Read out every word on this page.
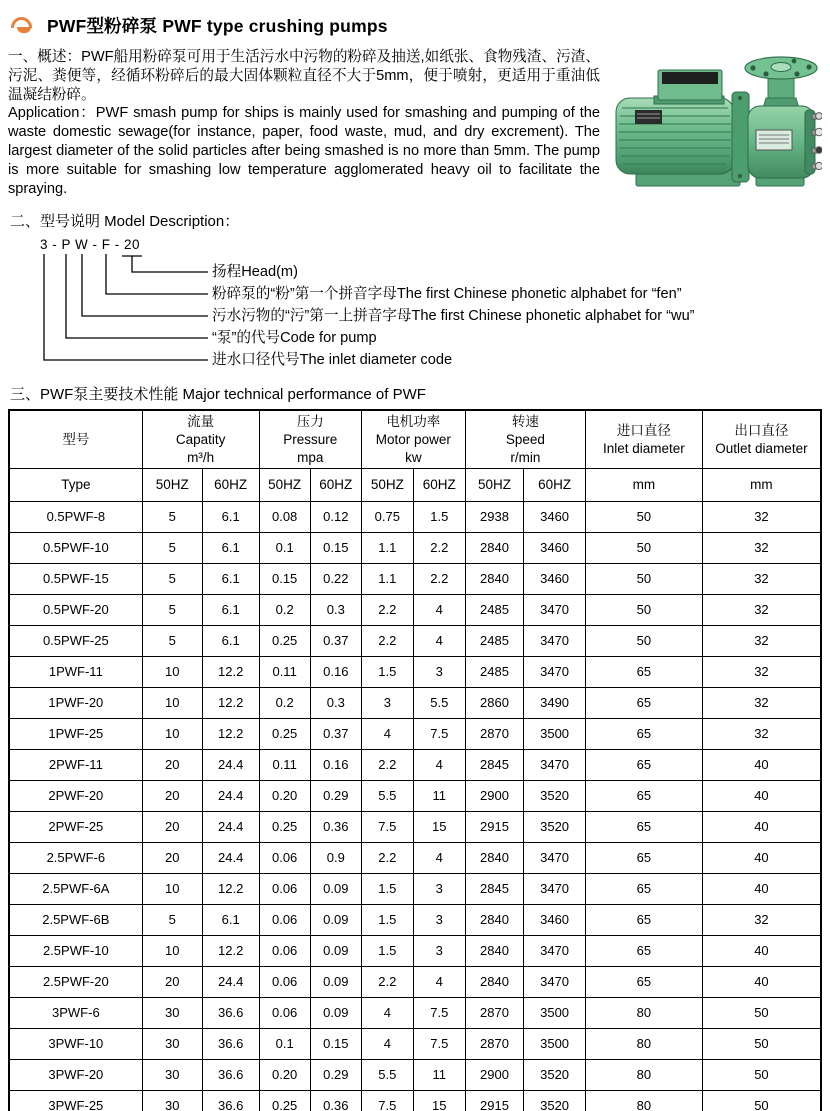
PWF型粉碎泵 PWF type crushing pumps

一、概述：PWF船用粉碎泵可用于生活污水中污物的粉碎及抽送,如纸张、食物残渣、污渣、污泥、粪便等，经循环粉碎后的最大固体颗粒直径不大于5mm，便于喷射，更适用于重油低温凝结粉碎。

Application：PWF smash pump for ships is mainly used for smashing and pumping of the waste domestic sewage(for instance, paper, food waste, mud, and dry excrement). The largest diameter of the solid particles after being smashed is no more than 5mm. The pump is more suitable for smashing low temperature agglomerated heavy oil to facilitate the spraying.

二、型号说明 Model Description：
3 - P W - F - 20
扬程Head(m)
粉碎泵的“粉”第一个拼音字母The first Chinese phonetic alphabet for “fen”
污水污物的“污”第一上拼音字母The first Chinese phonetic alphabet for “wu”
“泵”的代号Code for pump
进水口径代号The inlet diameter code
三、PWF泵主要技术性能 Major technical performance of PWF
型号	
流量
Capatity
m³/h

压力
Pressure
mpa

电机功率
Motor power
kw

转速
Speed
r/min

进口直径
Inlet diameter

出口直径
Outlet diameter

Type	50HZ	60HZ	50HZ	60HZ	50HZ	60HZ	50HZ	60HZ	mm	mm
0.5PWF-8	5	6.1	0.08	0.12	0.75	1.5	2938	3460	50	32
0.5PWF-10	5	6.1	0.1	0.15	1.1	2.2	2840	3460	50	32
0.5PWF-15	5	6.1	0.15	0.22	1.1	2.2	2840	3460	50	32
0.5PWF-20	5	6.1	0.2	0.3	2.2	4	2485	3470	50	32
0.5PWF-25	5	6.1	0.25	0.37	2.2	4	2485	3470	50	32
1PWF-11	10	12.2	0.11	0.16	1.5	3	2485	3470	65	32
1PWF-20	10	12.2	0.2	0.3	3	5.5	2860	3490	65	32
1PWF-25	10	12.2	0.25	0.37	4	7.5	2870	3500	65	32
2PWF-11	20	24.4	0.11	0.16	2.2	4	2845	3470	65	40
2PWF-20	20	24.4	0.20	0.29	5.5	11	2900	3520	65	40
2PWF-25	20	24.4	0.25	0.36	7.5	15	2915	3520	65	40
2.5PWF-6	20	24.4	0.06	0.9	2.2	4	2840	3470	65	40
2.5PWF-6A	10	12.2	0.06	0.09	1.5	3	2845	3470	65	40
2.5PWF-6B	5	6.1	0.06	0.09	1.5	3	2840	3460	65	32
2.5PWF-10	10	12.2	0.06	0.09	1.5	3	2840	3470	65	40
2.5PWF-20	20	24.4	0.06	0.09	2.2	4	2840	3470	65	40
3PWF-6	30	36.6	0.06	0.09	4	7.5	2870	3500	80	50
3PWF-10	30	36.6	0.1	0.15	4	7.5	2870	3500	80	50
3PWF-20	30	36.6	0.20	0.29	5.5	11	2900	3520	80	50
3PWF-25	30	36.6	0.25	0.36	7.5	15	2915	3520	80	50
